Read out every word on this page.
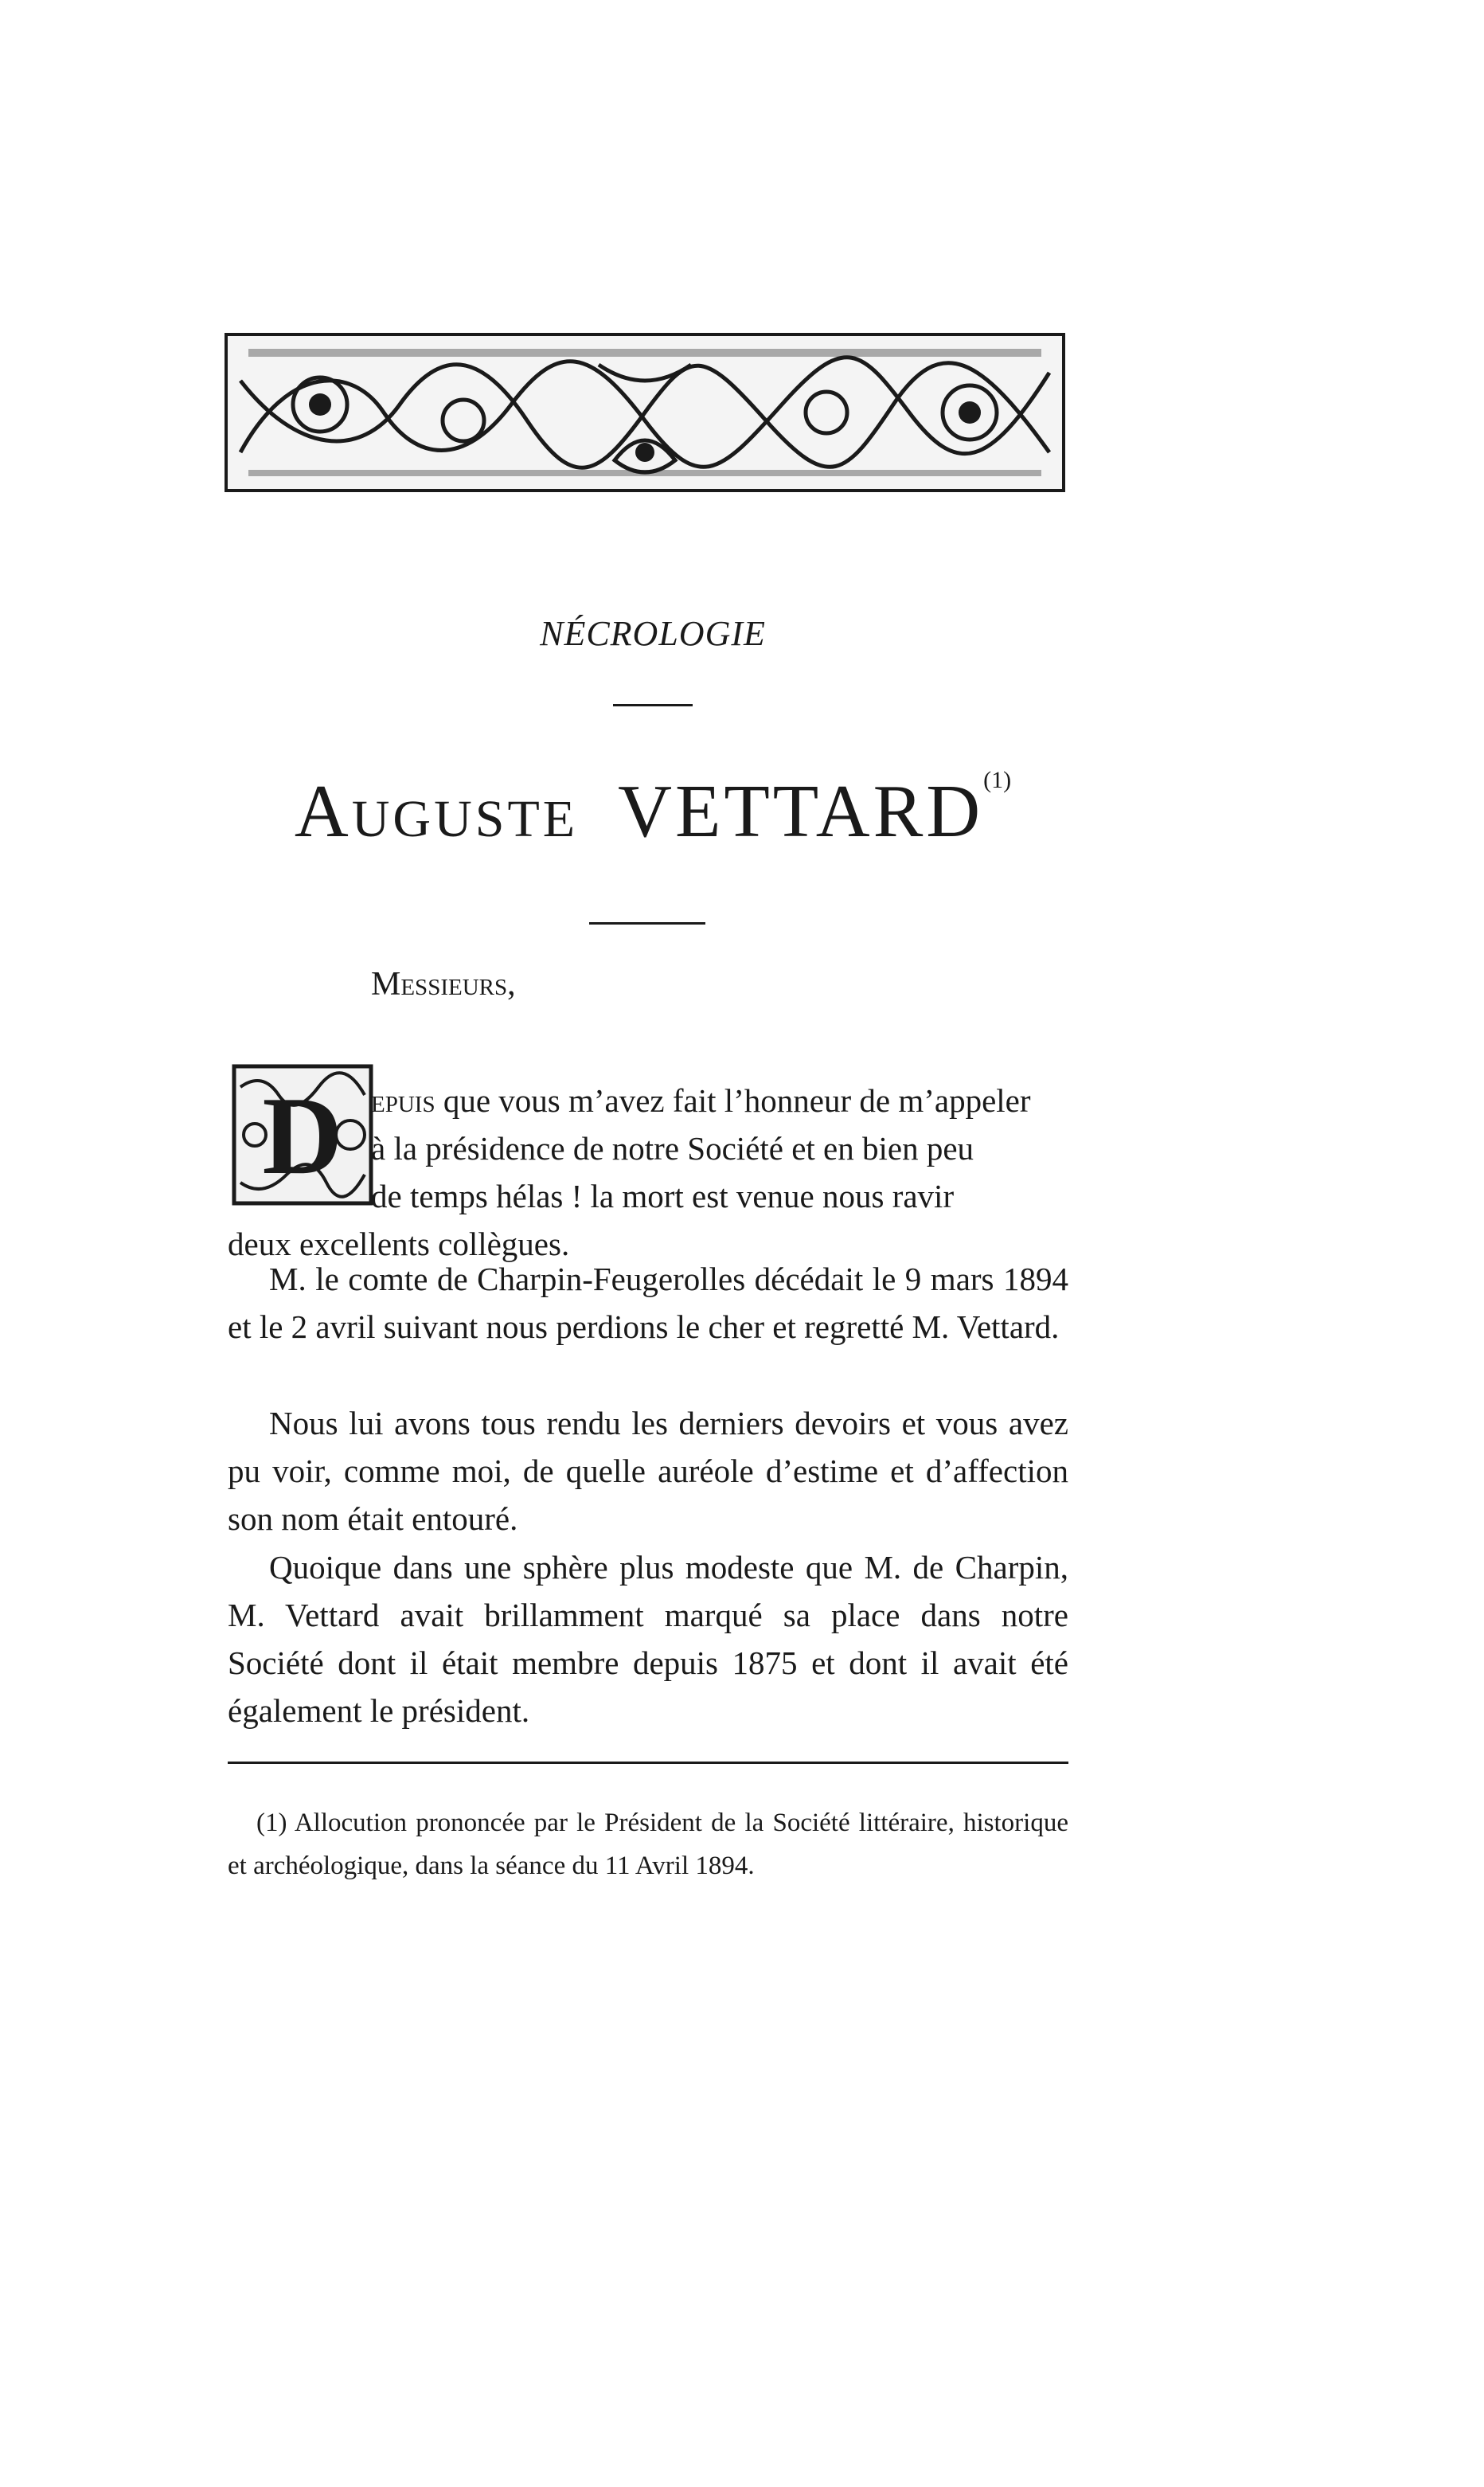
NÉCROLOGIE
Auguste VETTARD$^{(1)}$
Messieurs,
D epuis que vous m’avez fait l’honneur de m’appeler
à la présidence de notre Société et en bien peu
de temps hélas ! la mort est venue nous ravir
deux excellents collègues.
M. le comte de Charpin-Feugerolles décédait le 9 mars 1894 et le 2 avril suivant nous perdions le cher et regretté M. Vettard.
Nous lui avons tous rendu les derniers devoirs et vous avez pu voir, comme moi, de quelle auréole d’estime et d’affection son nom était entouré.
Quoique dans une sphère plus modeste que M. de Charpin, M. Vettard avait brillamment marqué sa place dans notre Société dont il était membre depuis 1875 et dont il avait été également le président.
(1) Allocution prononcée par le Président de la Société littéraire, historique et archéologique, dans la séance du 11 Avril 1894.
